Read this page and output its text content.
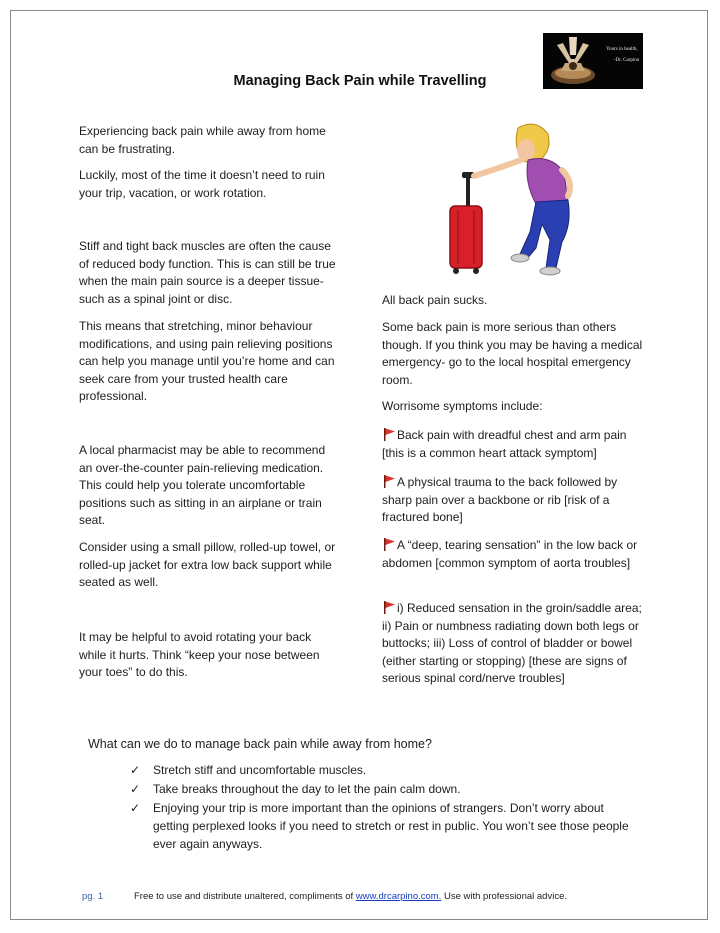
Yours in health,
-Dr. Carpino
Managing Back Pain while Travelling

Experiencing back pain while away from home can be frustrating.

Luckily, most of the time it doesn’t need to ruin your trip, vacation, or work rotation.

Stiff and tight back muscles are often the cause of reduced body function. This is can still be true when the main pain source is a deeper tissue- such as a spinal joint or disc.

This means that stretching, minor behaviour modifications, and using pain relieving positions can help you manage until you’re home and can seek care from your trusted health care professional.

A local pharmacist may be able to recommend an over-the-counter pain-relieving medication. This could help you tolerate uncomfortable positions such as sitting in an airplane or train seat.

Consider using a small pillow, rolled-up towel, or rolled-up jacket for extra low back support while seated as well.

It may be helpful to avoid rotating your back while it hurts. Think “keep your nose between your toes” to do this.

All back pain sucks.

Some back pain is more serious than others though. If you think you may be having a medical emergency- go to the local hospital emergency room.

Worrisome symptoms include:

Back pain with dreadful chest and arm pain [this is a common heart attack symptom]

A physical trauma to the back followed by sharp pain over a backbone or rib [risk of a fractured bone]

A “deep, tearing sensation” in the low back or abdomen [common symptom of aorta troubles]

i) Reduced sensation in the groin/saddle area; ii) Pain or numbness radiating down both legs or buttocks; iii) Loss of control of bladder or bowel (either starting or stopping) [these are signs of serious spinal cord/nerve troubles]

What can we do to manage back pain while away from home?
✓ Stretch stiff and uncomfortable muscles.
✓ Take breaks throughout the day to let the pain calm down.
✓ Enjoying your trip is more important than the opinions of strangers. Don’t worry about getting perplexed looks if you need to stretch or rest in public. You won’t see those people ever again anyways.
pg. 1	Free to use and distribute unaltered, compliments of www.drcarpino.com. Use with professional advice.
